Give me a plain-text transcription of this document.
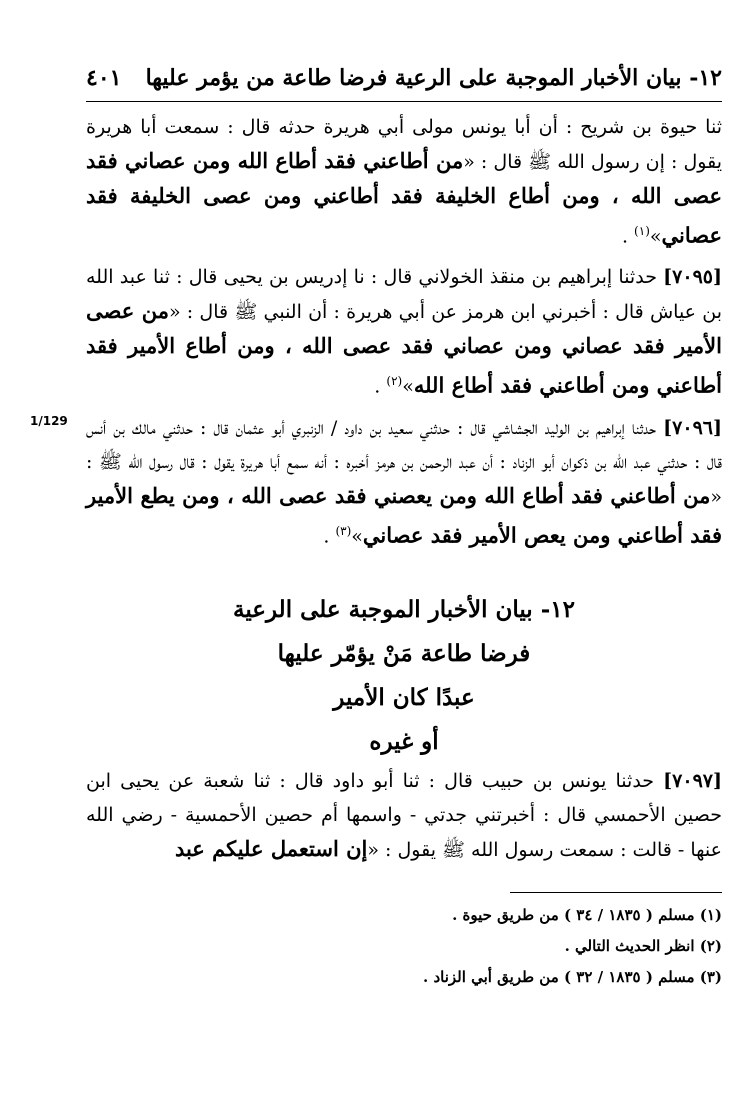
١٢- بيان الأخبار الموجبة على الرعية فرضا طاعة من يؤمر عليها
٤٠١
1/129

ثنا حيوة بن شريح : أن أبا يونس مولى أبي هريرة حدثه قال : سمعت أبا هريرة يقول : إن رسول الله ﷺ قال : «من أطاعني فقد أطاع الله ومن عصاني فقد عصى الله ، ومن أطاع الخليفة فقد أطاعني ومن عصى الخليفة فقد عصاني»$^{(١)}$ .

[٧٠٩٥] حدثنا إبراهيم بن منقذ الخولاني قال : نا إدريس بن يحيى قال : ثنا عبد الله بن عياش قال : أخبرني ابن هرمز عن أبي هريرة : أن النبي ﷺ قال : «من عصى الأمير فقد عصاني ومن عصاني فقد عصى الله ، ومن أطاع الأمير فقد أطاعني ومن أطاعني فقد أطاع الله»$^{(٢)}$ .

[٧٠٩٦] حدثنا إبراهيم بن الوليد الجشاشي قال : حدثني سعيد بن داود / الزنبري أبو عثمان قال : حدثني مالك بن أنس قال : حدثني عبد الله بن ذكوان أبو الزناد : أن عبد الرحمن بن هرمز أخبره : أنه سمع أبا هريرة يقول : قال رسول الله ﷺ : «من أطاعني فقد أطاع الله ومن يعصني فقد عصى الله ، ومن يطع الأمير فقد أطاعني ومن يعص الأمير فقد عصاني»$^{(٣)}$ .

١٢- بيان الأخبار الموجبة على الرعية
فرضا طاعة مَنْ يؤمّر عليها
عبدًا كان الأمير
أو غيره

[٧٠٩٧] حدثنا يونس بن حبيب قال : ثنا أبو داود قال : ثنا شعبة عن يحيى ابن حصين الأحمسي قال : أخبرتني جدتي - واسمها أم حصين الأحمسية - رضي الله عنها - قالت : سمعت رسول الله ﷺ يقول : «إن استعمل عليكم عبد

(١) مسلم ( ١٨٣٥ / ٣٤ ) من طريق حيوة .
(٢) انظر الحديث التالي .
(٣) مسلم ( ١٨٣٥ / ٣٢ ) من طريق أبي الزناد .
